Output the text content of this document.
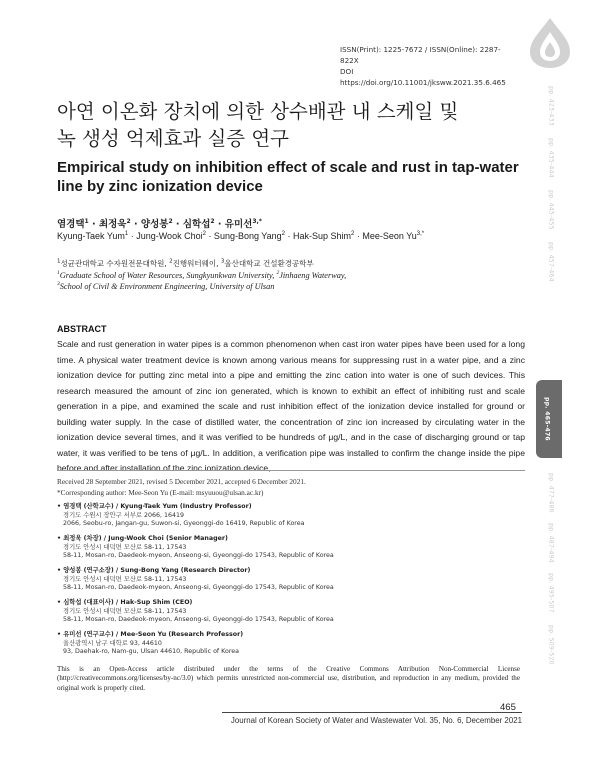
ISSN(Print): 1225-7672 / ISSN(Online): 2287-822X
DOI https://doi.org/10.11001/jksww.2021.35.6.465
아연 이온화 장치에 의한 상수배관 내 스케일 및
녹 생성 억제효과 실증 연구
Empirical study on inhibition effect of scale and rust in tap-water
line by zinc ionization device
염경택$^1$ · 최정욱$^2$ · 양성봉$^2$ · 심학섭$^2$ · 유미선$^{3,*}$
Kyung-Taek Yum$^1$ · Jung-Wook Choi$^2$ · Sung-Bong Yang$^2$ · Hak-Sup Shim$^2$ · Mee-Seon $Yu^{3,*}$
$^1$성균관대학교 수자원전문대학원, $^2$진행워터웨이, $^3$울산대학교 건설환경공학부
$^1$Graduate School of Water Resources, Sungkyunkwan University, $^2$Jinhaeng Waterway,
$^3$School of Civil & Environment Engineering, University of Ulsan
ABSTRACT
Scale and rust generation in water pipes is a common phenomenon when cast iron water pipes have been used for a long time. A physical water treatment device is known among various means for suppressing rust in a water pipe, and a zinc ionization device for putting zinc metal into a pipe and emitting the zinc cation into water is one of such devices. This research measured the amount of zinc ion generated, which is known to exhibit an effect of inhibiting rust and scale generation in a pipe, and examined the scale and rust inhibition effect of the ionization device installed for ground or building water supply. In the case of distilled water, the concentration of zinc ion increased by circulating water in the ionization device several times, and it was verified to be hundreds of μg/L, and in the case of discharging ground or tap water, it was verified to be tens of μg/L. In addition, a verification pipe was installed to confirm the change inside the pipe before and after installation of the zinc ionization device,
Received 28 September 2021, revised 5 December 2021, accepted 6 December 2021.
*Corresponding author: Mee-Seon Yu (E-mail: msyuuou@ulsan.ac.kr)
• 염경택 (산학교수) / Kyung-Taek Yum (Industry Professor)
경기도 수원시 장안구 서부로 2066, 16419
2066, Seobu-ro, Jangan-gu, Suwon-si, Gyeonggi-do 16419, Republic of Korea
• 최정욱 (차장) / Jung-Wook Choi (Senior Manager)
경기도 안성시 대덕면 모산로 58-11, 17543
58-11, Mosan-ro, Daedeok-myeon, Anseong-si, Gyeonggi-do 17543, Republic of Korea
• 양성봉 (연구소장) / Sung-Bong Yang (Research Director)
경기도 안성시 대덕면 모산로 58-11, 17543
58-11, Mosan-ro, Daedeok-myeon, Anseong-si, Gyeonggi-do 17543, Republic of Korea
• 심학섭 (대표이사) / Hak-Sup Shim (CEO)
경기도 안성시 대덕면 모산로 58-11, 17543
58-11, Mosan-ro, Daedeok-myeon, Anseong-si, Gyeonggi-do 17543, Republic of Korea
• 유미선 (연구교수) / Mee-Seon Yu (Research Professor)
울산광역시 남구 대학로 93, 44610
93, Daehak-ro, Nam-gu, Ulsan 44610, Republic of Korea
This is an Open-Access article distributed under the terms of the Creative Commons Attribution Non-Commercial License (http://creativecommons.org/licenses/by-nc/3.0) which permits unrestricted non-commercial use, distribution, and reproduction in any medium, provided the original work is properly cited.
465
Journal of Korean Society of Water and Wastewater Vol. 35, No. 6, December 2021
pp. 423-433
pp. 435-444
pp. 445-455
pp. 457-464
pp. 465-476
pp. 477-486
pp. 487-494
pp. 495-507
pp. 509-520
